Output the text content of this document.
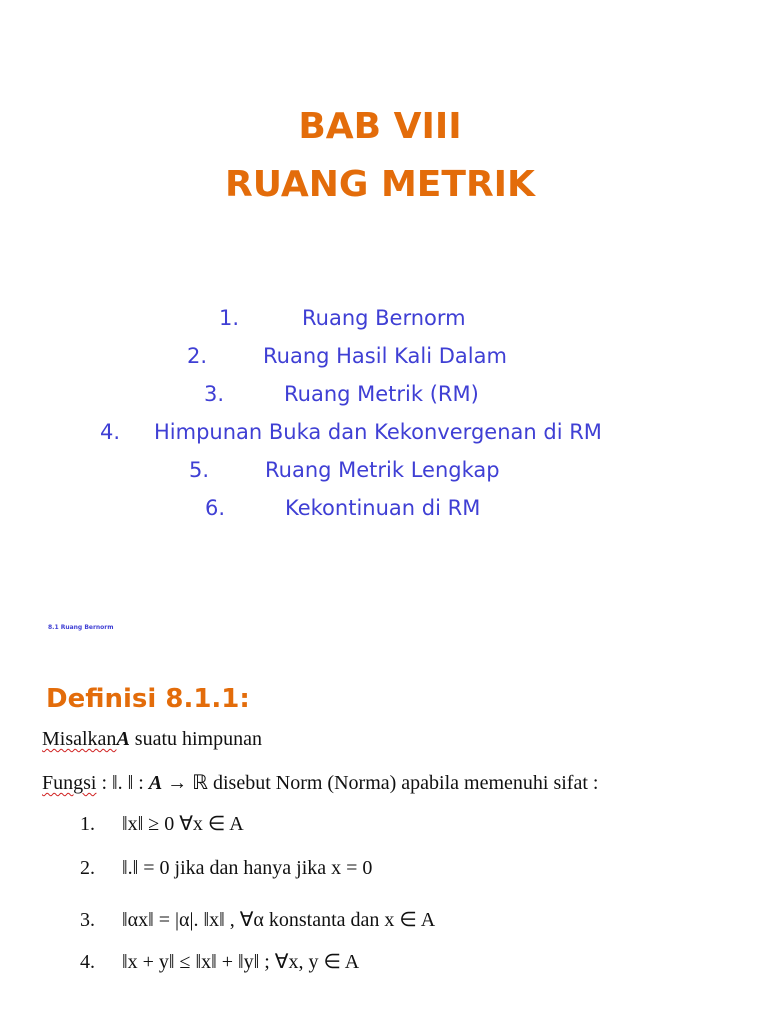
BAB VIII
RUANG METRIK
1.	Ruang Bernorm
2.	Ruang Hasil Kali Dalam
3.	Ruang Metrik (RM)
4. Himpunan Buka dan Kekonvergenan di RM
5.	Ruang Metrik Lengkap
6.	Kekontinuan di RM
8.1 Ruang Bernorm
Definisi 8.1.1:
MisalkanA suatu himpunan
Fungsi : ‖. ‖ : A → ℝ disebut Norm (Norma) apabila memenuhi sifat :
1. ‖x‖ ≥ 0 ∀x ∈ A
2. ‖.‖ = 0 jika dan hanya jika x = 0
3. ‖αx‖ = |α|. ‖x‖ , ∀α konstanta dan x ∈ A
4. ‖x + y‖ ≤ ‖x‖ + ‖y‖ ; ∀x, y ∈ A
